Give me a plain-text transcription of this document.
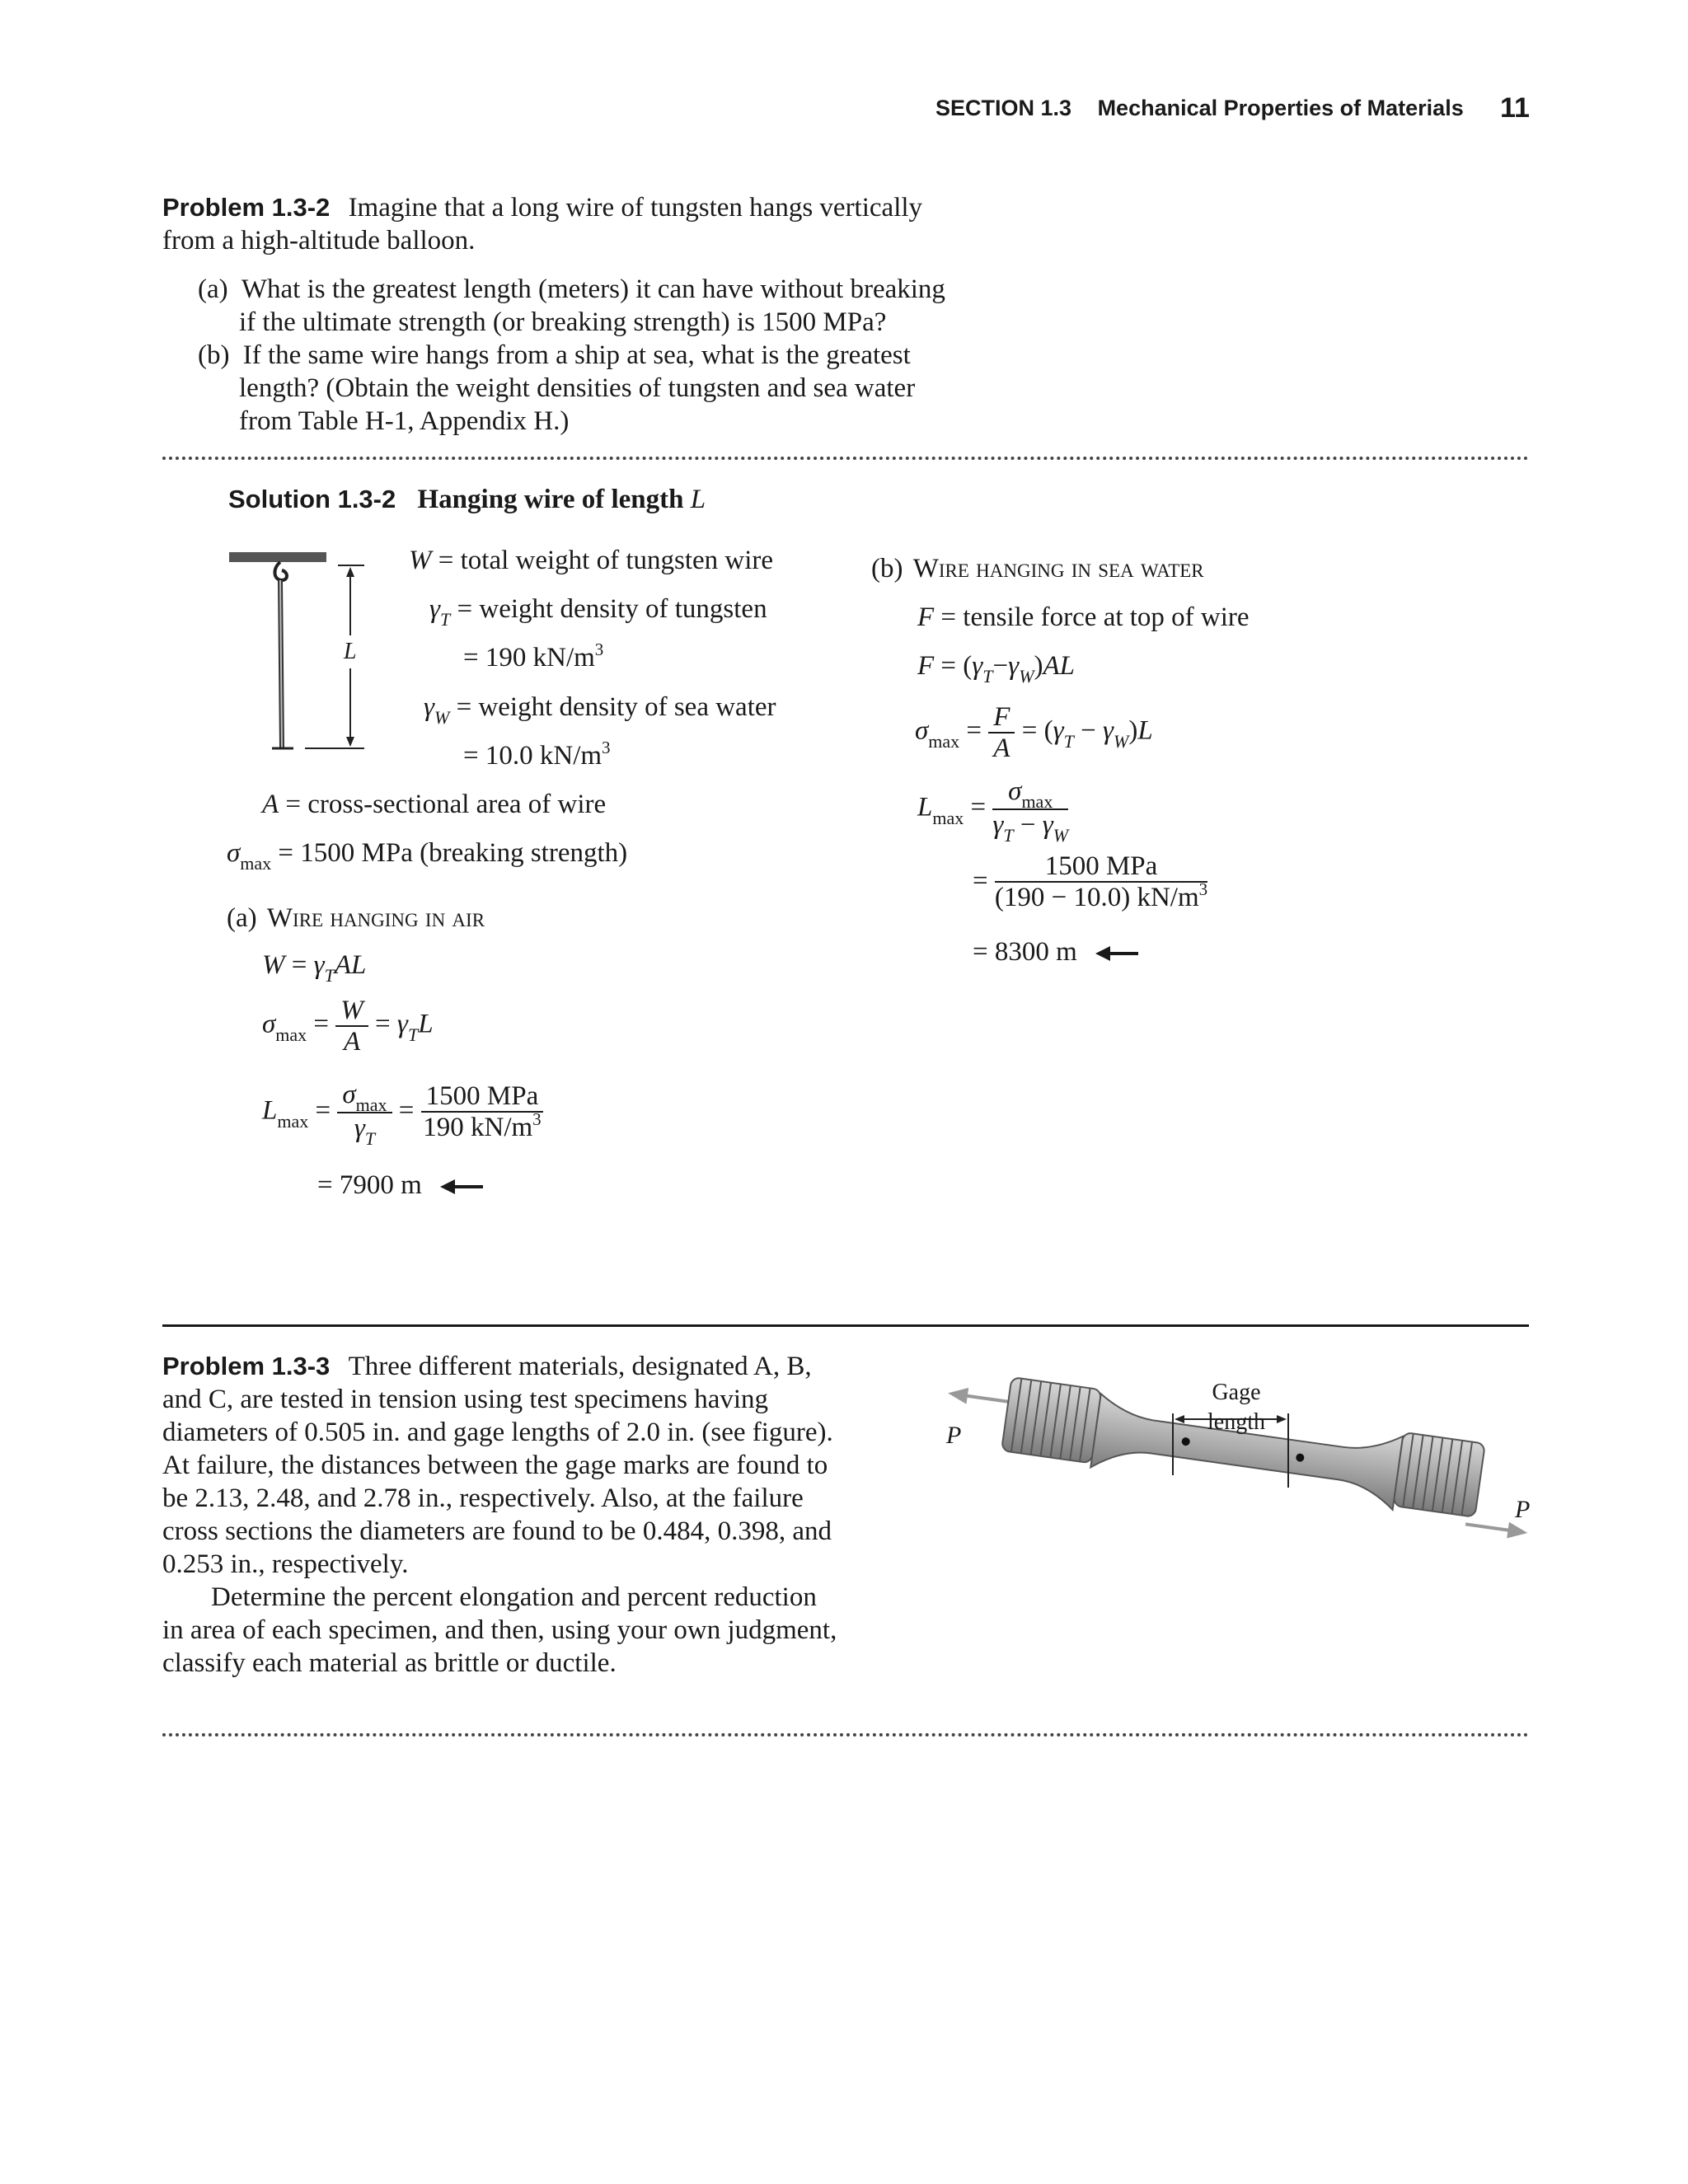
SECTION 1.3 Mechanical Properties of Materials 11
Problem 1.3-2 Imagine that a long wire of tungsten hangs vertically
from a high-altitude balloon.
(a) What is the greatest length (meters) it can have without breaking
if the ultimate strength (or breaking strength) is 1500 MPa?
(b) If the same wire hangs from a ship at sea, what is the greatest
length? (Obtain the weight densities of tungsten and sea water
from Table H-1, Appendix H.)
Solution 1.3-2 Hanging wire of length L
L
W = total weight of tungsten wire
$\gamma_T$ = weight density of tungsten
= 190 $kN/m^3$
$\gamma_W$ = weight density of sea water
= 10.0 $kN/m^3$
A = cross-sectional area of wire
$\sigma_{max} = 1500$ MPa (breaking strength)
(a) Wire hanging in air
$W = \gamma_TAL$
$\sigma_{max} = \frac{W}{A} = \gamma_TL$
$L_{max} = \frac{\sigma_{max}}{\gamma_T} = \frac{\text{1500 MPa}}{190 kN/m^3}$
= 7900 m
(b) Wire hanging in sea water
F = tensile force at top of wire
$F = (\gamma_T-\gamma_W)AL$
$\sigma_{max} = \frac{F}{A} = (\gamma_T - \gamma_W)L$
$L_{max} = \frac{\sigma_{max}}{\gamma_T - \gamma_W}$
= $\frac{\text{1500 MPa}}{(190 - 10.0) kN/m^3}$
= 8300 m
Problem 1.3-3 Three different materials, designated A, B,
and C, are tested in tension using test specimens having
diameters of 0.505 in. and gage lengths of 2.0 in. (see figure).
At failure, the distances between the gage marks are found to
be 2.13, 2.48, and 2.78 in., respectively. Also, at the failure
cross sections the diameters are found to be 0.484, 0.398, and
0.253 in., respectively.
Determine the percent elongation and percent reduction
in area of each specimen, and then, using your own judgment,
classify each material as brittle or ductile.
Gage
length
P
P
